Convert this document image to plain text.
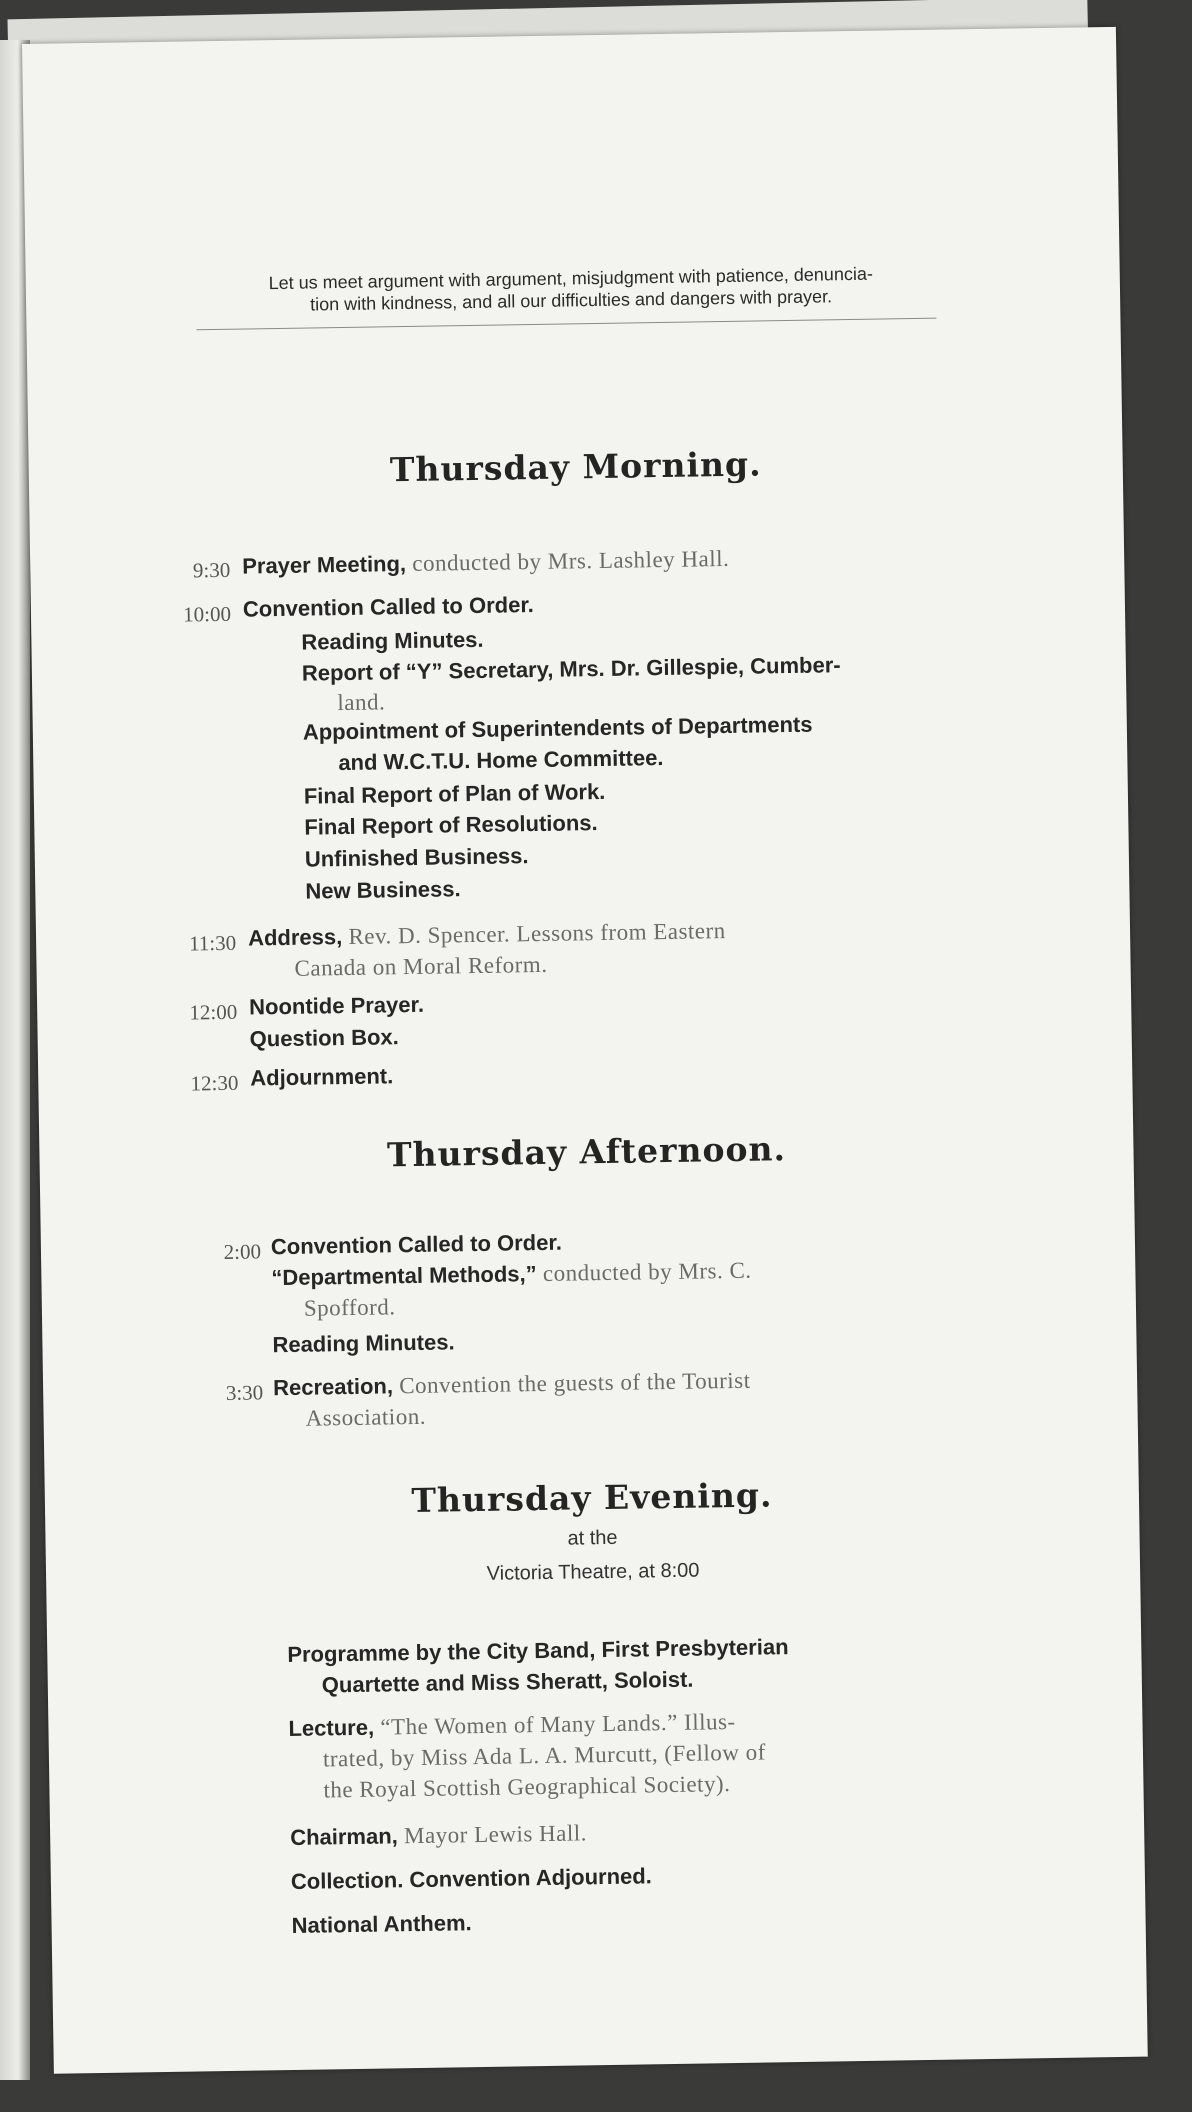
Let us meet argument with argument, misjudgment with patience, denuncia-
tion with kindness, and all our difficulties and dangers with prayer.
Thursday Morning.
9:30 Prayer Meeting, conducted by Mrs. Lashley Hall.
10:00 Convention Called to Order.
Reading Minutes.
Report of “Y” Secretary, Mrs. Dr. Gillespie, Cumber-
land.
Appointment of Superintendents of Departments
and W.C.T.U. Home Committee.
Final Report of Plan of Work.
Final Report of Resolutions.
Unfinished Business.
New Business.
11:30 Address, Rev. D. Spencer. Lessons from Eastern
Canada on Moral Reform.
12:00 Noontide Prayer.
Question Box.
12:30 Adjournment.
Thursday Afternoon.
2:00 Convention Called to Order.
“Departmental Methods,” conducted by Mrs. C.
Spofford.
Reading Minutes.
3:30 Recreation, Convention the guests of the Tourist
Association.
Thursday Evening.
at the
Victoria Theatre, at 8:00
Programme by the City Band, First Presbyterian
Quartette and Miss Sheratt, Soloist.
Lecture, “The Women of Many Lands.” Illus-
trated, by Miss Ada L. A. Murcutt, (Fellow of
the Royal Scottish Geographical Society).
Chairman, Mayor Lewis Hall.
Collection. Convention Adjourned.
National Anthem.
